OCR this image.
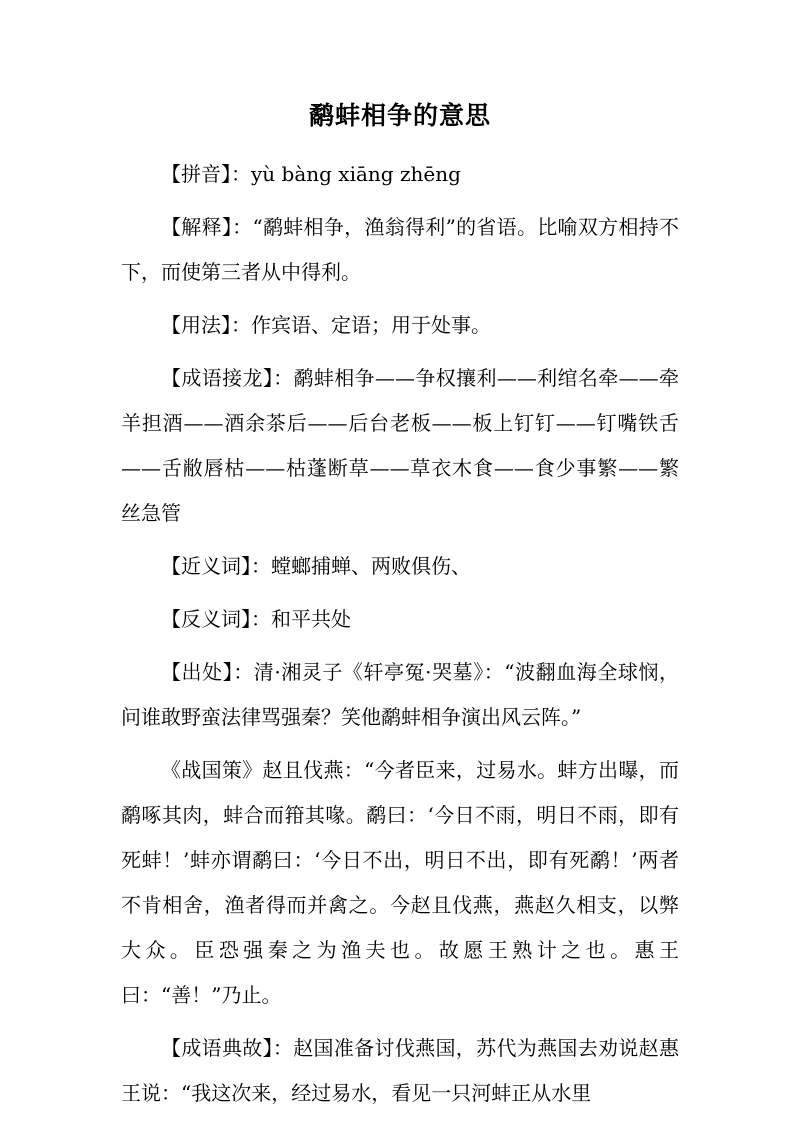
鹬蚌相争的意思

【拼音】：yù bàng xiāng zhēng

【解释】：“鹬蚌相争，渔翁得利”的省语。比喻双方相持不下，而使第三者从中得利。

【用法】：作宾语、定语；用于处事。

【成语接龙】：鹬蚌相争——争权攘利——利绾名牵——牵羊担酒——酒余茶后——后台老板——板上钉钉——钉嘴铁舌——舌敝唇枯——枯蓬断草——草衣木食——食少事繁——繁丝急管

【近义词】：螳螂捕蝉、两败俱伤、

【反义词】：和平共处

【出处】：清·湘灵子《轩亭冤·哭墓》：“波翻血海全球悯，问谁敢野蛮法律骂强秦？笑他鹬蚌相争演出风云阵。”

《战国策》赵且伐燕：“今者臣来，过易水。蚌方出曝，而鹬啄其肉，蚌合而箝其喙。鹬曰：‘今日不雨，明日不雨，即有死蚌！’蚌亦谓鹬曰：‘今日不出，明日不出，即有死鹬！’两者不肯相舍，渔者得而并禽之。今赵且伐燕，燕赵久相支，以弊大众。臣恐强秦之为渔夫也。故愿王熟计之也。惠王曰：“善！”乃止。

【成语典故】：赵国准备讨伐燕国，苏代为燕国去劝说赵惠王说：“我这次来，经过易水，看见一只河蚌正从水里
